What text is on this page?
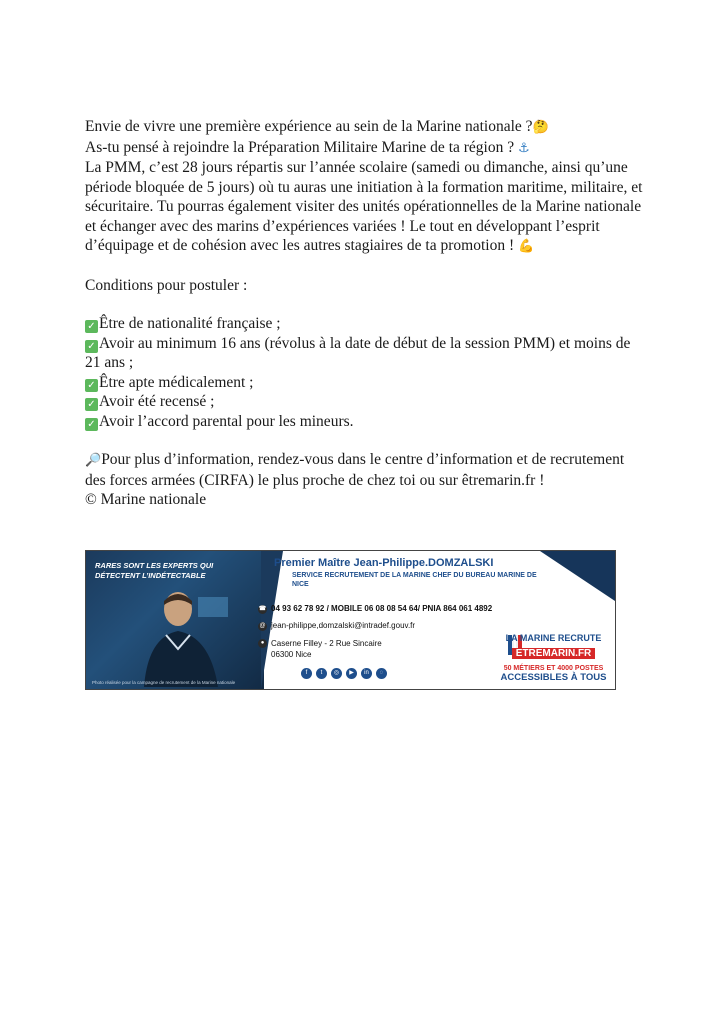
Envie de vivre une première expérience au sein de la Marine nationale ?🤔

As-tu pensé à rejoindre la Préparation Militaire Marine de ta région ? ⚓

La PMM, c’est 28 jours répartis sur l’année scolaire (samedi ou dimanche, ainsi qu’une période bloquée de 5 jours) où tu auras une initiation à la formation maritime, militaire, et sécuritaire. Tu pourras également visiter des unités opérationnelles de la Marine nationale et échanger avec des marins d’expériences variées ! Le tout en développant l’esprit d’équipage et de cohésion avec les autres stagiaires de ta promotion ! 💪

Conditions pour postuler :

✓ Être de nationalité française ;

✓ Avoir au minimum 16 ans (révolus à la date de début de la session PMM) et moins de 21 ans ;

✓ Être apte médicalement ;

✓ Avoir été recensé ;

✓ Avoir l’accord parental pour les mineurs.

🔎Pour plus d’information, rendez-vous dans le centre d’information et de recrutement des forces armées (CIRFA) le plus proche de chez toi ou sur êtremarin.fr !

© Marine nationale

RARES SONT LES EXPERTS QUI
DÉTECTENT L’INDÉTECTABLE
Photo réalisée pour la campagne de recrutement de la Marine nationale
Premier Maître Jean-Philippe.DOMZALSKI
SERVICE RECRUTEMENT DE LA MARINE CHEF DU BUREAU MARINE DE NICE
☎ 04 93 62 78 92 / MOBILE 06 08 08 54 64/ PNIA 864 061 4892
@ jean-philippe,domzalski@intradef.gouv.fr
● Caserne Filley - 2 Rue Sincaire
06300 Nice
f	t	◎	▶	in	◌
LA MARINE RECRUTE
ETREMARIN.FR
50 MÉTIERS ET 4000 POSTES
ACCESSIBLES À TOUS
